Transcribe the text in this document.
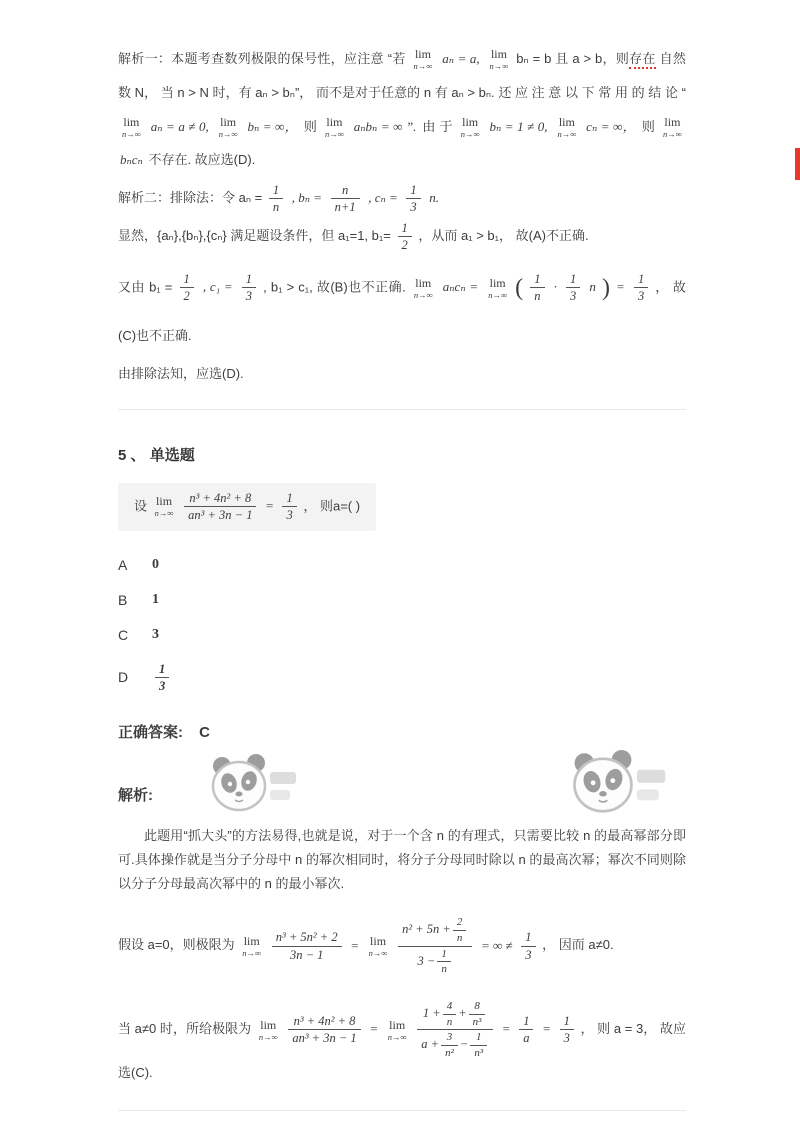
解析一：本题考查数列极限的保号性，应注意 “若 lim
n→∞
aₙ = a, lim
n→∞
bₙ = b 且 a > b，则存在 自然数 N， 当 n > N 时，有 aₙ > bₙ”， 而不是对于任意的 n 有 aₙ > bₙ. 还 应 注 意 以 下 常 用 的 结 论 “
lim
n→∞
aₙ = a ≠ 0, lim
n→∞
bₙ = ∞， 则 lim
n→∞
aₙbₙ = ∞ ”. 由 于 lim
n→∞
bₙ = 1 ≠ 0, lim
n→∞
cₙ = ∞， 则 lim
n→∞
bₙcₙ 不存在. 故应选(D).

解析二：排除法：令 $a_n = \frac{1}{n}$ , $b_n = \frac{n}{n+1}$ , $c_n = \frac{1}{3} n$.

显然，{aₙ},{bₙ},{cₙ} 满足题设条件，但 a₁=1, $b_1= \frac{1}{2}$ ，从而 a₁ > b₁， 故(A)不正确.

又由 $b_1 = \frac{1}{2}$ , $c_1 = \frac{1}{3}$ , b₁ > c₁, 故(B)也不正确. lim
n→∞
aₙcₙ = lim
n→∞ ( $\frac{1}{n} \cdot \frac{1}{3}$ n ) = $\frac{1}{3}$ ， 故(C)也不正确.

由排除法知，应选(D).

5 、 单选题
设 lim
n→∞
$\frac{\text{n³ + 4n² + 8}}{\text{an³ + 3n − 1}} = \frac{1}{3}$ ， 则a=( )
A	0
B	1
C	3
D	$\frac{1}{3}$
正确答案: C
解析:

此题用“抓大头”的方法易得,也就是说，对于一个含 n 的有理式，只需要比较 n 的最高幂部分即可.具体操作就是当分子分母中 n 的幂次相同时，将分子分母同时除以 n 的最高次幂；幂次不同则除以分子分母最高次幂中的 n 的最小幂次.

假设 a=0，则极限为 lim
n→∞
$\frac{\text{n³ + 5n² + 2}}{3n - 1} = \lim$
n→∞
$\frac{n^2 + 5n + \frac{2}{n}}{3 - \frac{1}{n}}$ = ∞ ≠ $\frac{1}{3}$ ， 因而 a≠0.

当 a≠0 时，所给极限为 lim
n→∞
$\frac{\text{n³ + 4n² + 8}}{\text{an³ + 3n − 1}} = \lim$
n→∞
$\frac{1 + \frac{4}{n} + \frac{8}{\text{n³}}}{a + \frac{3}{\text{n²}} - \frac{1}{\text{n³}}} = \frac{1}{a} = \frac{1}{3}$ ， 则 a = 3， 故应选(C).
